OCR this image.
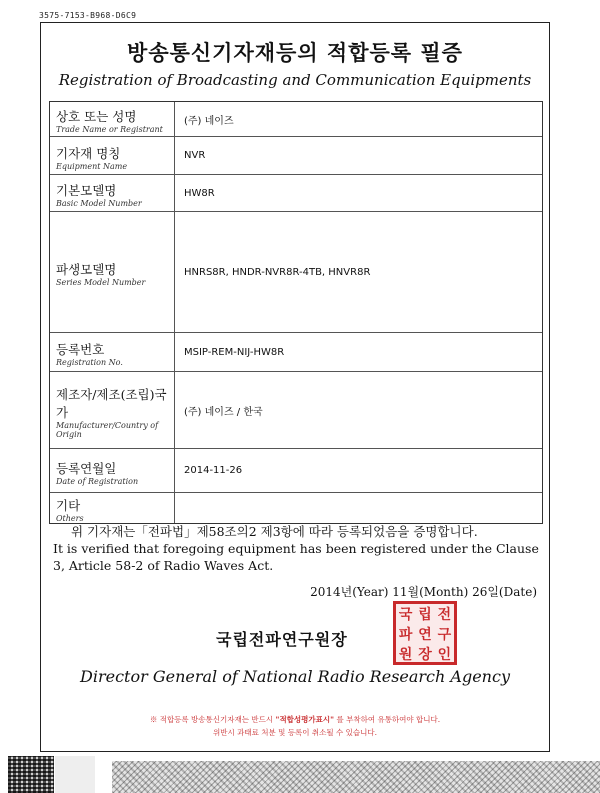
3575-7153-B968-D6C9
방송통신기자재등의 적합등록 필증
Registration of Broadcasting and Communication Equipments
상호 또는 성명
Trade Name or Registrant
(주) 네이즈
기자재 명칭
Equipment Name
NVR
기본모델명
Basic Model Number
HW8R
파생모델명
Series Model Number
HNRS8R, HNDR-NVR8R-4TB, HNVR8R
등록번호
Registration No.
MSIP-REM-NIJ-HW8R
제조자/제조(조립)국가
Manufacturer/Country of Origin
(주) 네이즈 / 한국
등록연월일
Date of Registration
2014-11-26
기타
Others
위 기자재는「전파법」제58조의2 제3항에 따라 등록되었음을 증명합니다.
It is verified that foregoing equipment has been registered under the Clause 3, Article 58-2 of Radio Waves Act.
2014년(Year) 11월(Month) 26일(Date)
국립전파연구원장
국 립 전
파 연 구
원 장 인
Director General of National Radio Research Agency
※ 적합등록 방송통신기자재는 반드시 "적합성평가표시" 를 부착하여 유통하여야 합니다.
위반시 과태료 처분 및 등록이 취소될 수 있습니다.
